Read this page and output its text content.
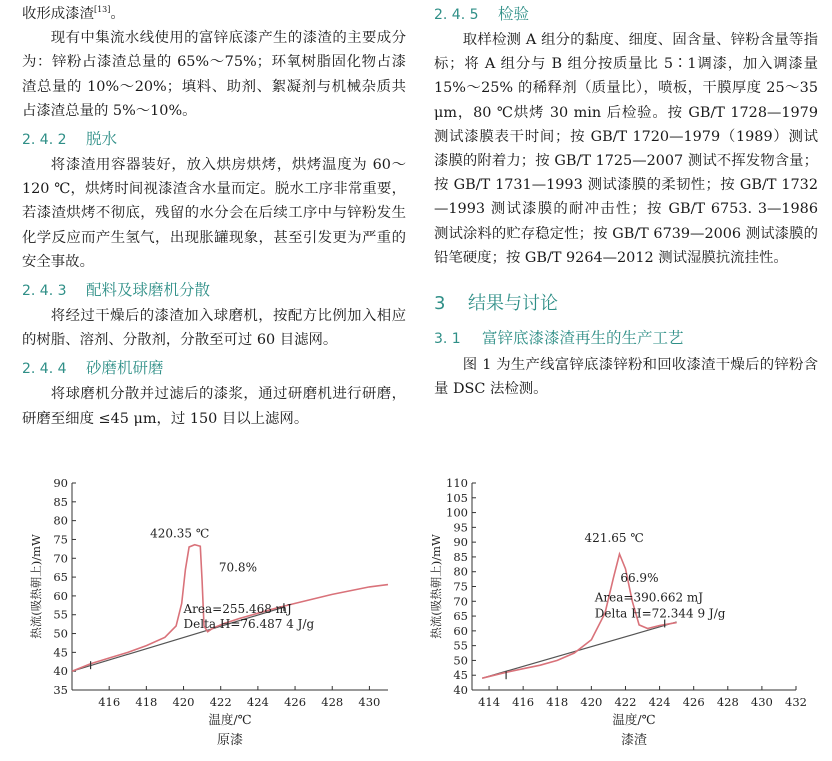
收形成漆渣[13]。

现有中集流水线使用的富锌底漆产生的漆渣的主要成分为：锌粉占漆渣总量的 65%～75%；环氧树脂固化物占漆渣总量的 10%～20%；填料、助剂、絮凝剂与机械杂质共占漆渣总量的 5%～10%。

2. 4. 2 脱水

将漆渣用容器装好，放入烘房烘烤，烘烤温度为 60～120 ℃，烘烤时间视漆渣含水量而定。脱水工序非常重要，若漆渣烘烤不彻底，残留的水分会在后续工序中与锌粉发生化学反应而产生氢气，出现胀罐现象，甚至引发更为严重的安全事故。

2. 4. 3 配料及球磨机分散

将经过干燥后的漆渣加入球磨机，按配方比例加入相应的树脂、溶剂、分散剂，分散至可过 60 目滤网。

2. 4. 4 砂磨机研磨

将球磨机分散并过滤后的漆浆，通过研磨机进行研磨，研磨至细度 ≤45 μm，过 150 目以上滤网。

2. 4. 5 检验

取样检测 A 组分的黏度、细度、固含量、锌粉含量等指标；将 A 组分与 B 组分按质量比 5∶1调漆，加入调漆量 15%～25% 的稀释剂（质量比），喷板，干膜厚度 25～35 μm，80 ℃烘烤 30 min 后检验。按 GB/T 1728—1979 测试漆膜表干时间；按 GB/T 1720—1979（1989）测试漆膜的附着力；按 GB/T 1725—2007 测试不挥发物含量；按 GB/T 1731—1993 测试漆膜的柔韧性；按 GB/T 1732—1993 测试漆膜的耐冲击性；按 GB/T 6753. 3—1986 测试涂料的贮存稳定性；按 GB/T 6739—2006 测试漆膜的铅笔硬度；按 GB/T 9264—2012 测试湿膜抗流挂性。

3 结果与讨论
3. 1 富锌底漆漆渣再生的生产工艺

图 1 为生产线富锌底漆锌粉和回收漆渣干燥后的锌粉含量 DSC 法检测。

35
40
45
50
55
60
65
70
75
80
85
90
416 418 420 422 424 426 428 430
温度/℃
热流(吸热朝上)/mW
原漆
420.35 ℃
70.8%
Area=255.468 mJ
Delta H=76.487 4 J/g
40
45
50
55
60
65
70
75
80
85
90
95
100
105
110
414 416 418 420 422 424 426 428 430 432
温度/℃
热流(吸热朝上)/mW
漆渣
421.65 ℃
66.9%
Area=390.662 mJ
Delta H=72.344 9 J/g
